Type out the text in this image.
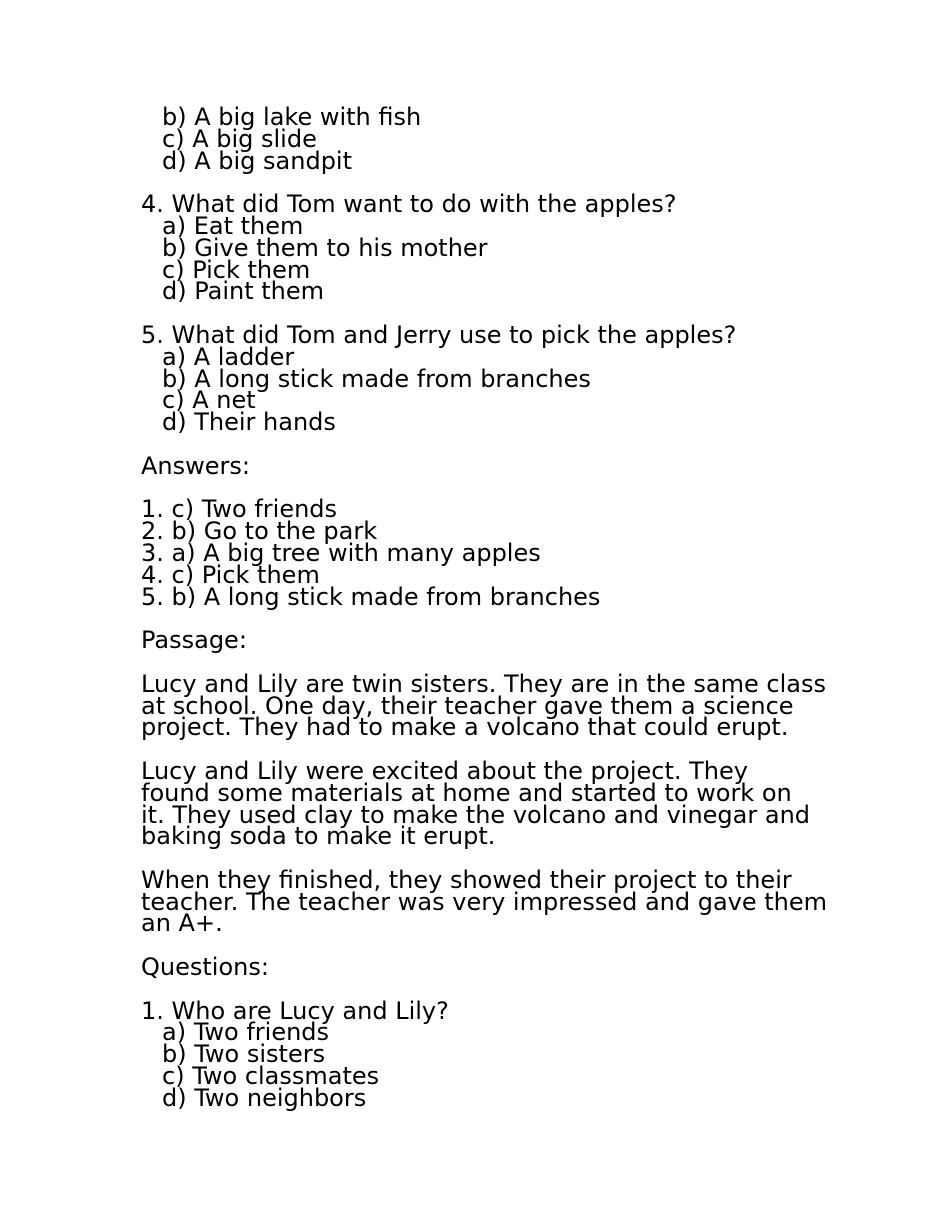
b) A big lake with fish
c) A big slide
d) A big sandpit
4. What did Tom want to do with the apples?
a) Eat them
b) Give them to his mother
c) Pick them
d) Paint them
5. What did Tom and Jerry use to pick the apples?
a) A ladder
b) A long stick made from branches
c) A net
d) Their hands
Answers:
1. c) Two friends
2. b) Go to the park
3. a) A big tree with many apples
4. c) Pick them
5. b) A long stick made from branches
Passage:
Lucy and Lily are twin sisters. They are in the same class
at school. One day, their teacher gave them a science
project. They had to make a volcano that could erupt.
Lucy and Lily were excited about the project. They
found some materials at home and started to work on
it. They used clay to make the volcano and vinegar and
baking soda to make it erupt.
When they finished, they showed their project to their
teacher. The teacher was very impressed and gave them
an A+.
Questions:
1. Who are Lucy and Lily?
a) Two friends
b) Two sisters
c) Two classmates
d) Two neighbors
